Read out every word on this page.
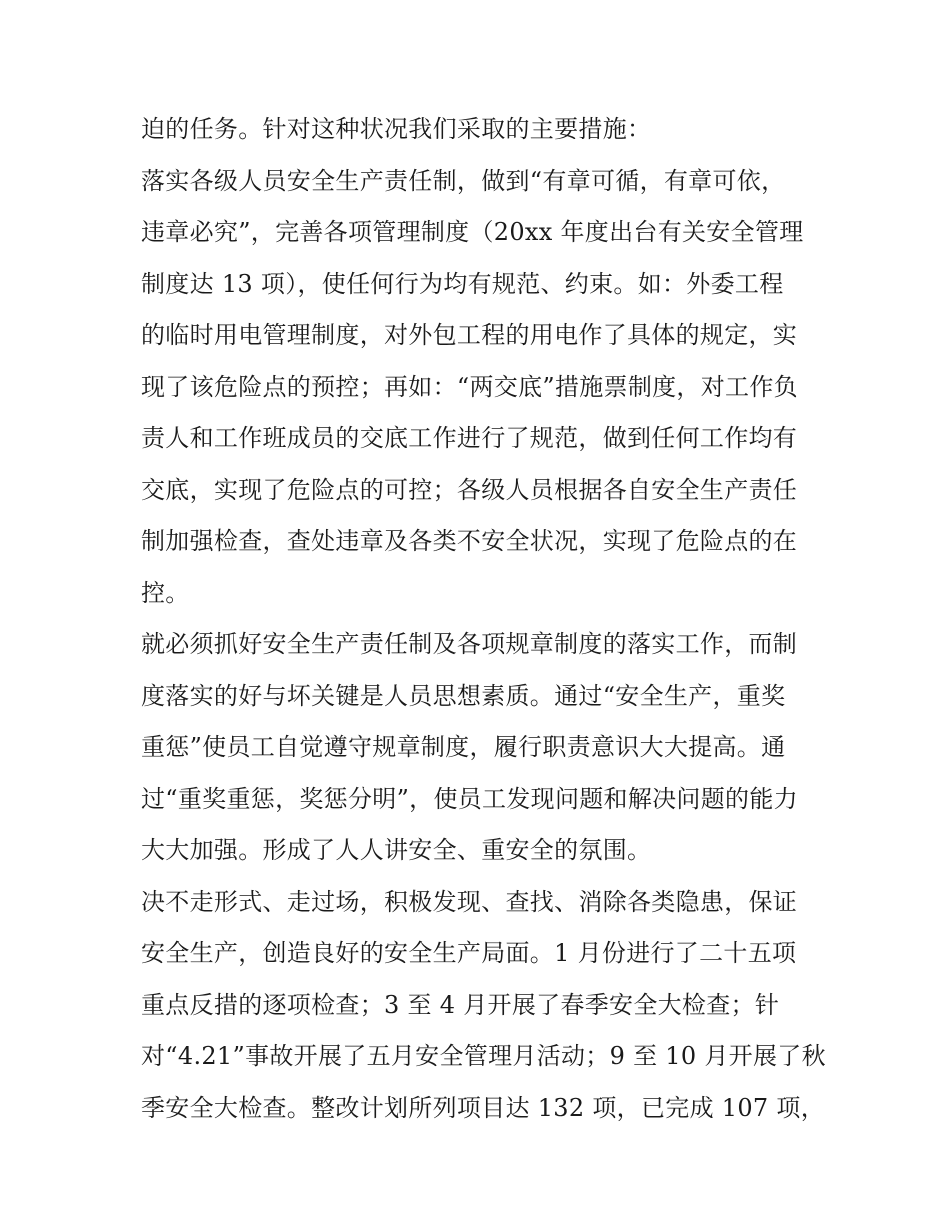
迫的任务。针对这种状况我们采取的主要措施：
落实各级人员安全生产责任制，做到“有章可循，有章可依，
违章必究”，完善各项管理制度（20xx 年度出台有关安全管理
制度达 13 项），使任何行为均有规范、约束。如：外委工程
的临时用电管理制度，对外包工程的用电作了具体的规定，实
现了该危险点的预控；再如：“两交底”措施票制度，对工作负
责人和工作班成员的交底工作进行了规范，做到任何工作均有
交底，实现了危险点的可控；各级人员根据各自安全生产责任
制加强检查，查处违章及各类不安全状况，实现了危险点的在
控。
就必须抓好安全生产责任制及各项规章制度的落实工作，而制
度落实的好与坏关键是人员思想素质。通过“安全生产，重奖
重惩”使员工自觉遵守规章制度，履行职责意识大大提高。通
过“重奖重惩，奖惩分明”，使员工发现问题和解决问题的能力
大大加强。形成了人人讲安全、重安全的氛围。
决不走形式、走过场，积极发现、查找、消除各类隐患，保证
安全生产，创造良好的安全生产局面。1 月份进行了二十五项
重点反措的逐项检查；3 至 4 月开展了春季安全大检查；针
对“4.21”事故开展了五月安全管理月活动；9 至 10 月开展了秋
季安全大检查。整改计划所列项目达 132 项，已完成 107 项，
